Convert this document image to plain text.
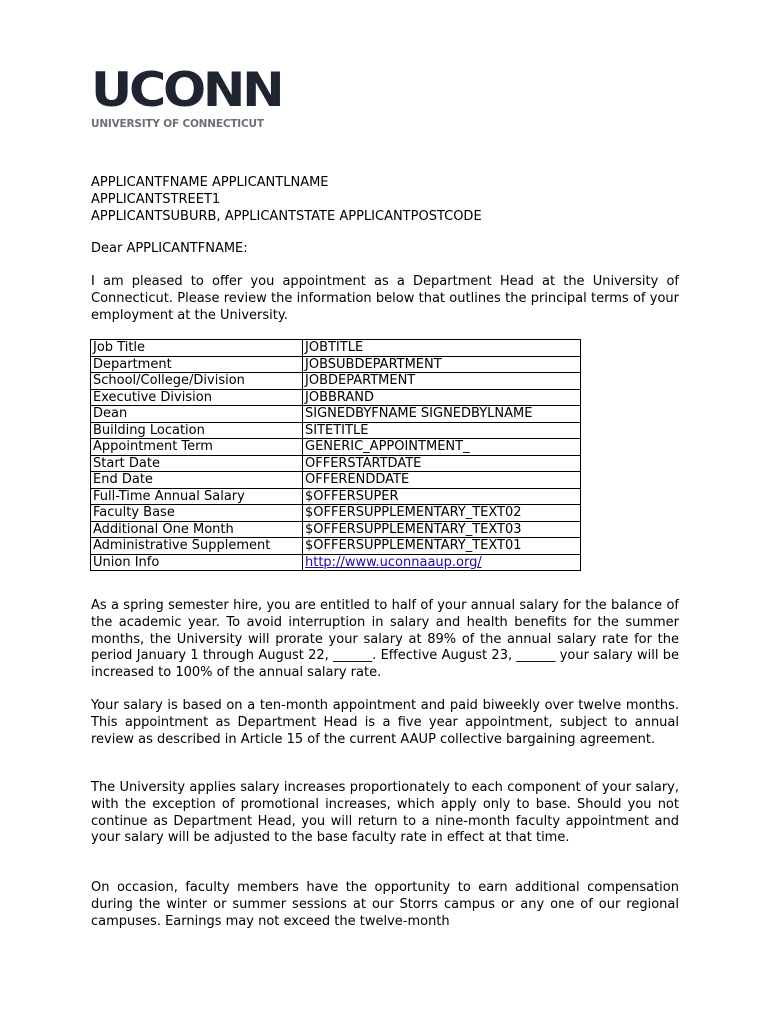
UCONN
UNIVERSITY OF CONNECTICUT
APPLICANTFNAME APPLICANTLNAME
APPLICANTSTREET1
APPLICANTSUBURB, APPLICANTSTATE APPLICANTPOSTCODE
Dear APPLICANTFNAME:

I am pleased to offer you appointment as a Department Head at the University of Connecticut. Please review the information below that outlines the principal terms of your employment at the University.

Job Title	JOBTITLE
Department	JOBSUBDEPARTMENT
School/College/Division	JOBDEPARTMENT
Executive Division	JOBBRAND
Dean	SIGNEDBYFNAME SIGNEDBYLNAME
Building Location	SITETITLE
Appointment Term	GENERIC_APPOINTMENT_
Start Date	OFFERSTARTDATE
End Date	OFFERENDDATE
Full-Time Annual Salary	$OFFERSUPER
Faculty Base	$OFFERSUPPLEMENTARY_TEXT02
Additional One Month	$OFFERSUPPLEMENTARY_TEXT03
Administrative Supplement	$OFFERSUPPLEMENTARY_TEXT01
Union Info	http://www.uconnaaup.org/

As a spring semester hire, you are entitled to half of your annual salary for the balance of the academic year. To avoid interruption in salary and health benefits for the summer months, the University will prorate your salary at 89% of the annual salary rate for the period January 1 through August 22, ______. Effective August 23, ______ your salary will be increased to 100% of the annual salary rate.

Your salary is based on a ten-month appointment and paid biweekly over twelve months. This appointment as Department Head is a five year appointment, subject to annual review as described in Article 15 of the current AAUP collective bargaining agreement.

The University applies salary increases proportionately to each component of your salary, with the exception of promotional increases, which apply only to base. Should you not continue as Department Head, you will return to a nine-month faculty appointment and your salary will be adjusted to the base faculty rate in effect at that time.

On occasion, faculty members have the opportunity to earn additional compensation during the winter or summer sessions at our Storrs campus or any one of our regional campuses. Earnings may not exceed the twelve-month
